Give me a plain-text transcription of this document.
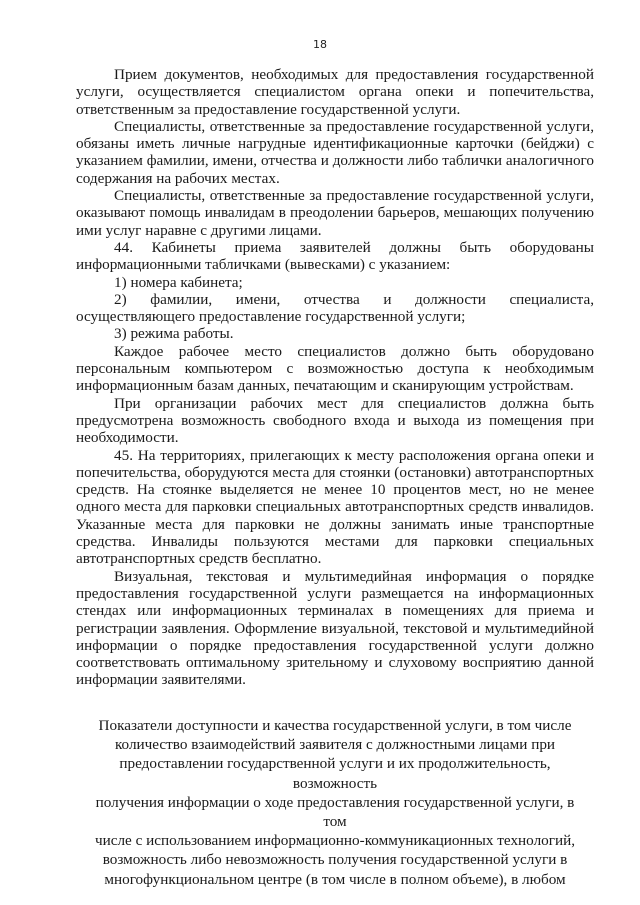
18

Прием документов, необходимых для предоставления государственной услуги, осуществляется специалистом органа опеки и попечительства, ответственным за предоставление государственной услуги.

Специалисты, ответственные за предоставление государственной услуги, обязаны иметь личные нагрудные идентификационные карточки (бейджи) с указанием фамилии, имени, отчества и должности либо таблички аналогичного содержания на рабочих местах.

Специалисты, ответственные за предоставление государственной услуги, оказывают помощь инвалидам в преодолении барьеров, мешающих получению ими услуг наравне с другими лицами.

44. Кабинеты приема заявителей должны быть оборудованы информационными табличками (вывесками) с указанием:

1) номера кабинета;

2) фамилии, имени, отчества и должности специалиста, осуществляющего предоставление государственной услуги;

3) режима работы.

Каждое рабочее место специалистов должно быть оборудовано персональным компьютером с возможностью доступа к необходимым информационным базам данных, печатающим и сканирующим устройствам.

При организации рабочих мест для специалистов должна быть предусмотрена возможность свободного входа и выхода из помещения при необходимости.

45. На территориях, прилегающих к месту расположения органа опеки и попечительства, оборудуются места для стоянки (остановки) автотранспортных средств. На стоянке выделяется не менее 10 процентов мест, но не менее одного места для парковки специальных автотранспортных средств инвалидов. Указанные места для парковки не должны занимать иные транспортные средства. Инвалиды пользуются местами для парковки специальных автотранспортных средств бесплатно.

Визуальная, текстовая и мультимедийная информация о порядке предоставления государственной услуги размещается на информационных стендах или информационных терминалах в помещениях для приема и регистрации заявления. Оформление визуальной, текстовой и мультимедийной информации о порядке предоставления государственной услуги должно соответствовать оптимальному зрительному и слуховому восприятию данной информации заявителями.

Показатели доступности и качества государственной услуги, в том числе
количество взаимодействий заявителя с должностными лицами при
предоставлении государственной услуги и их продолжительность, возможность
получения информации о ходе предоставления государственной услуги, в том
числе с использованием информационно-коммуникационных технологий,
возможность либо невозможность получения государственной услуги в
многофункциональном центре (в том числе в полном объеме), в любом
